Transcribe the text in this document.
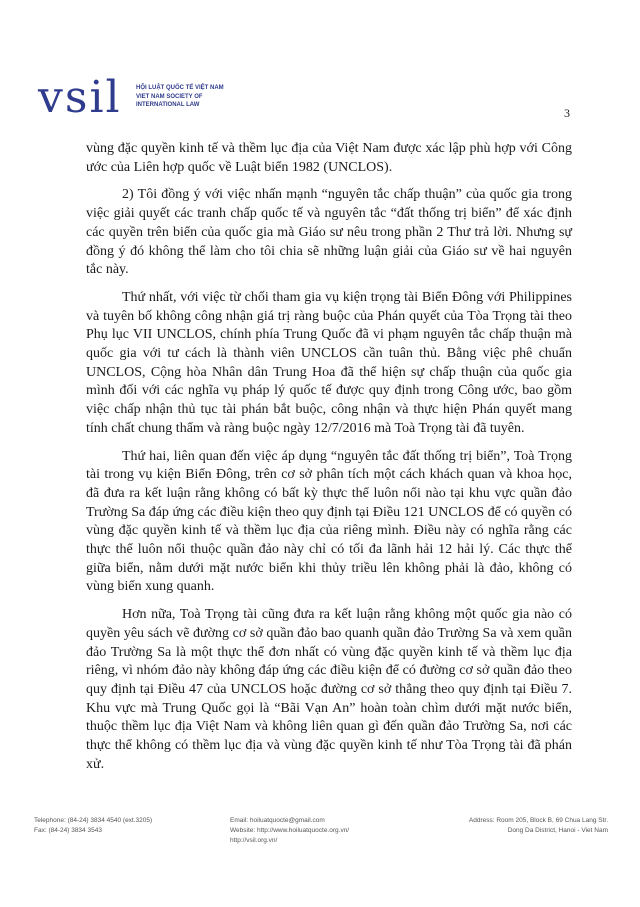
vsil HỘI LUẬT QUỐC TẾ VIỆT NAM
VIET NAM SOCIETY OF
INTERNATIONAL LAW
3

vùng đặc quyền kinh tế và thềm lục địa của Việt Nam được xác lập phù hợp với Công ước của Liên hợp quốc về Luật biển 1982 (UNCLOS).

2) Tôi đồng ý với việc nhấn mạnh “nguyên tắc chấp thuận” của quốc gia trong việc giải quyết các tranh chấp quốc tế và nguyên tắc “đất thống trị biển” để xác định các quyền trên biển của quốc gia mà Giáo sư nêu trong phần 2 Thư trả lời. Nhưng sự đồng ý đó không thể làm cho tôi chia sẽ những luận giải của Giáo sư về hai nguyên tắc này.

Thứ nhất, với việc từ chối tham gia vụ kiện trọng tài Biển Đông với Philippines và tuyên bố không công nhận giá trị ràng buộc của Phán quyết của Tòa Trọng tài theo Phụ lục VII UNCLOS, chính phía Trung Quốc đã vi phạm nguyên tắc chấp thuận mà quốc gia với tư cách là thành viên UNCLOS cần tuân thủ. Bằng việc phê chuẩn UNCLOS, Cộng hòa Nhân dân Trung Hoa đã thể hiện sự chấp thuận của quốc gia mình đối với các nghĩa vụ pháp lý quốc tế được quy định trong Công ước, bao gồm việc chấp nhận thủ tục tài phán bắt buộc, công nhận và thực hiện Phán quyết mang tính chất chung thẩm và ràng buộc ngày 12/7/2016 mà Toà Trọng tài đã tuyên.

Thứ hai, liên quan đến việc áp dụng “nguyên tắc đất thống trị biển”, Toà Trọng tài trong vụ kiện Biển Đông, trên cơ sở phân tích một cách khách quan và khoa học, đã đưa ra kết luận rằng không có bất kỳ thực thể luôn nổi nào tại khu vực quần đảo Trường Sa đáp ứng các điều kiện theo quy định tại Điều 121 UNCLOS để có quyền có vùng đặc quyền kinh tế và thềm lục địa của riêng mình. Điều này có nghĩa rằng các thực thể luôn nổi thuộc quần đảo này chỉ có tối đa lãnh hải 12 hải lý. Các thực thể giữa biển, nằm dưới mặt nước biển khi thủy triều lên không phải là đảo, không có vùng biển xung quanh.

Hơn nữa, Toà Trọng tài cũng đưa ra kết luận rằng không một quốc gia nào có quyền yêu sách vẽ đường cơ sở quần đảo bao quanh quần đảo Trường Sa và xem quần đảo Trường Sa là một thực thể đơn nhất có vùng đặc quyền kinh tế và thềm lục địa riêng, vì nhóm đảo này không đáp ứng các điều kiện để có đường cơ sở quần đảo theo quy định tại Điều 47 của UNCLOS hoặc đường cơ sở thẳng theo quy định tại Điều 7. Khu vực mà Trung Quốc gọi là “Bãi Vạn An” hoàn toàn chìm dưới mặt nước biển, thuộc thềm lục địa Việt Nam và không liên quan gì đến quần đảo Trường Sa, nơi các thực thể không có thềm lục địa và vùng đặc quyền kinh tế như Tòa Trọng tài đã phán xử.

Telephone: (84-24) 3834 4540 (ext.3205)
Fax: (84-24) 3834 3543
Email: hoiluatquocte@gmail.com
Website: http://www.hoiluatquocte.org.vn/
http://vsil.org.vn/
Address: Room 205, Block B, 69 Chua Lang Str.
Dong Da District, Hanoi - Viet Nam
